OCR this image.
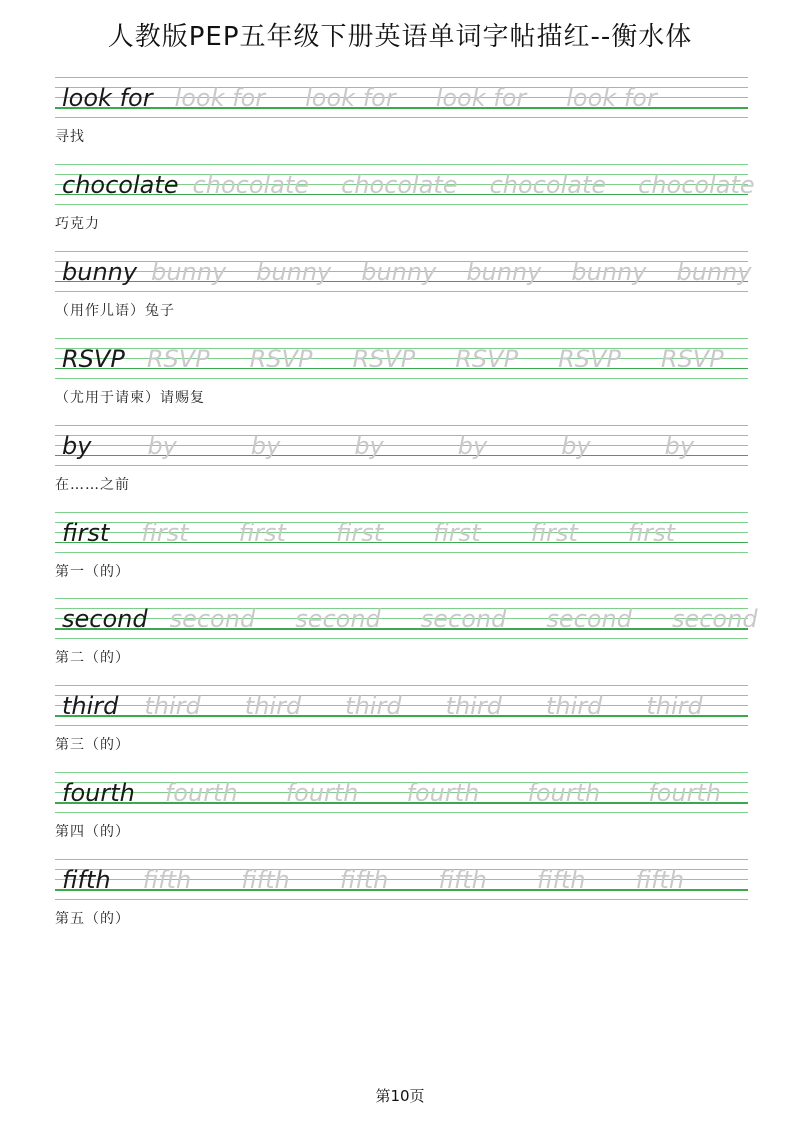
人教版PEP五年级下册英语单词字帖描红--衡水体
look for look for look for look for look for
寻找
chocolate chocolate chocolate chocolate chocolate
巧克力
bunny bunny bunny bunny bunny bunny bunny
（用作儿语）兔子
RSVP RSVP RSVP RSVP RSVP RSVP RSVP
（尤用于请柬）请赐复
by by	by	by	by	by	by
在……之前
first first first first first first first
第一（的）
second second second second second second
第二（的）
third third third third third third third
第三（的）
fourth fourth fourth fourth fourth fourth
第四（的）
fifth fifth fifth fifth fifth fifth fifth
第五（的）
第10页
